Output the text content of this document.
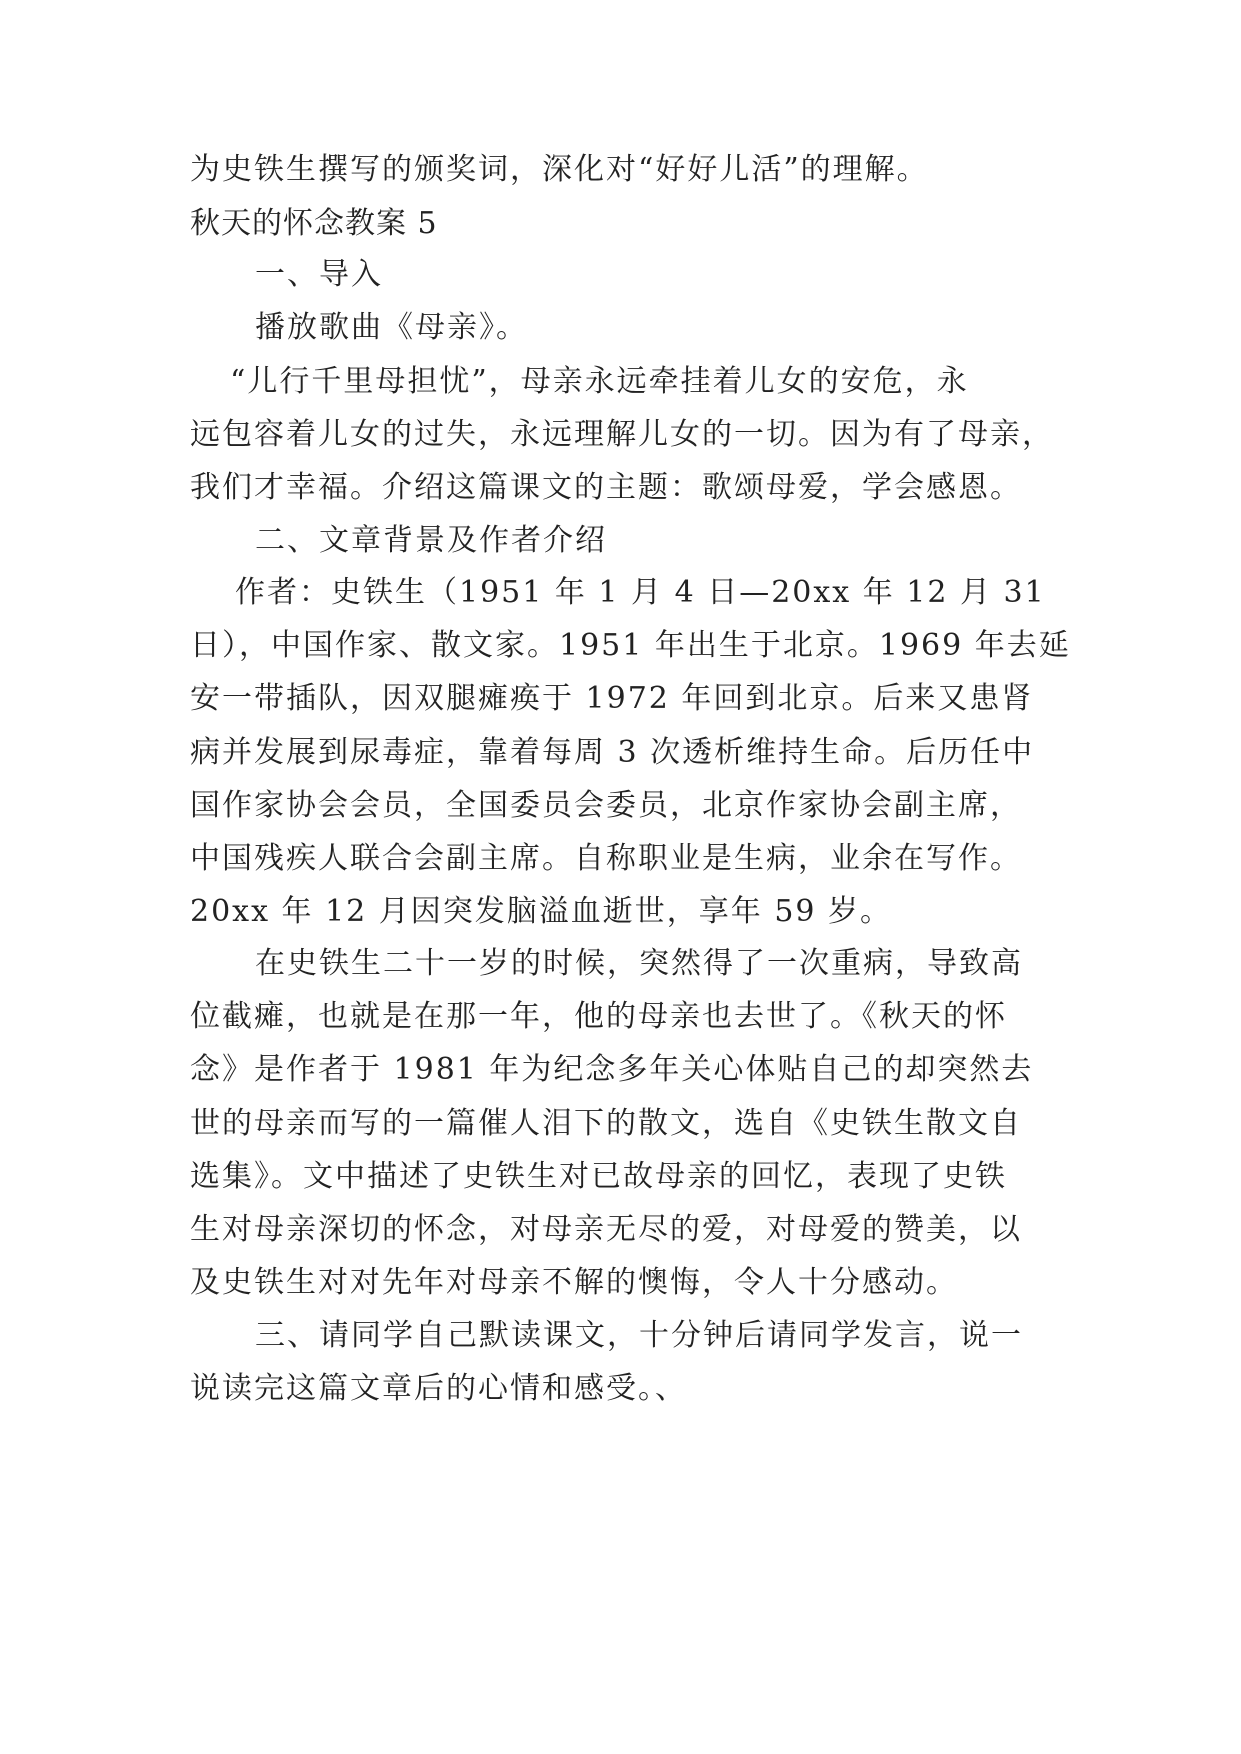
为史铁生撰写的颁奖词，深化对“好好儿活”的理解。
秋天的怀念教案 5
一、导入
播放歌曲《母亲》。
“儿行千里母担忧”，母亲永远牵挂着儿女的安危，永
远包容着儿女的过失，永远理解儿女的一切。因为有了母亲，
我们才幸福。介绍这篇课文的主题：歌颂母爱，学会感恩。
二、文章背景及作者介绍
作者：史铁生（1951 年 1 月 4 日—20xx 年 12 月 31
日），中国作家、散文家。1951 年出生于北京。1969 年去延
安一带插队，因双腿瘫痪于 1972 年回到北京。后来又患肾
病并发展到尿毒症，靠着每周 3 次透析维持生命。后历任中
国作家协会会员，全国委员会委员，北京作家协会副主席，
中国残疾人联合会副主席。自称职业是生病，业余在写作。
20xx 年 12 月因突发脑溢血逝世，享年 59 岁。
在史铁生二十一岁的时候，突然得了一次重病，导致高
位截瘫，也就是在那一年，他的母亲也去世了。《秋天的怀
念》是作者于 1981 年为纪念多年关心体贴自己的却突然去
世的母亲而写的一篇催人泪下的散文，选自《史铁生散文自
选集》。文中描述了史铁生对已故母亲的回忆，表现了史铁
生对母亲深切的怀念，对母亲无尽的爱，对母爱的赞美，以
及史铁生对对先年对母亲不解的懊悔，令人十分感动。
三、请同学自己默读课文，十分钟后请同学发言，说一
说读完这篇文章后的心情和感受。、
